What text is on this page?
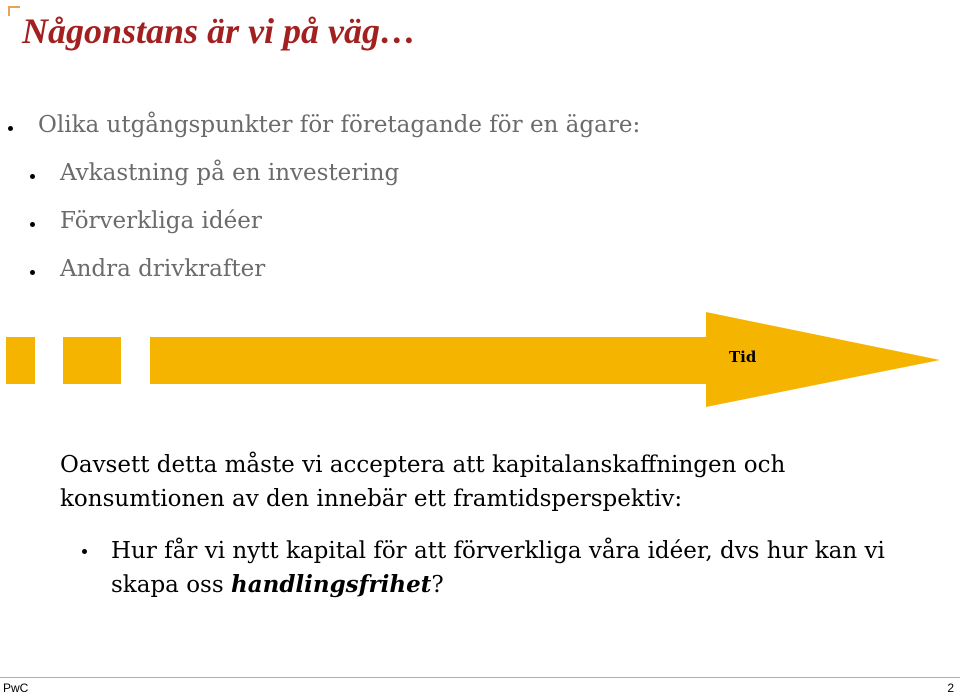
Någonstans är vi på väg…
Olika utgångspunkter för företagande för en ägare:
Avkastning på en investering
Förverkliga idéer
Andra drivkrafter
Tid

Oavsett detta måste vi acceptera att kapitalanskaffningen och konsumtionen av den innebär ett framtidsperspektiv:

Hur får vi nytt kapital för att förverkliga våra idéer, dvs hur kan vi skapa oss handlingsfrihet?

PwC	2
